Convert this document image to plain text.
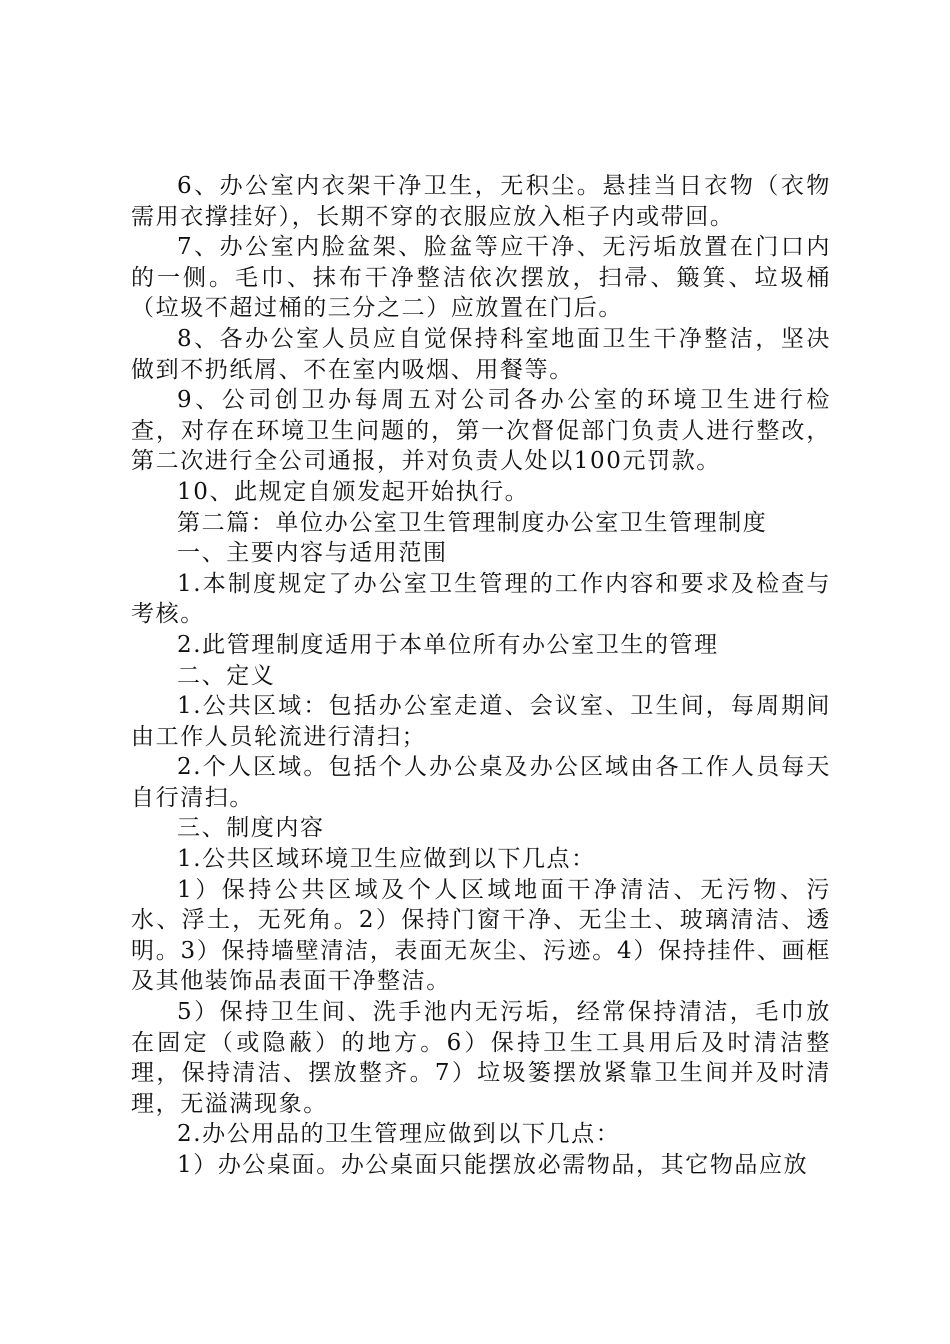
6、办公室内衣架干净卫生，无积尘。悬挂当日衣物（衣物需用衣撑挂好），长期不穿的衣服应放入柜子内或带回。

7、办公室内脸盆架、脸盆等应干净、无污垢放置在门口内的一侧。毛巾、抹布干净整洁依次摆放，扫帚、簸箕、垃圾桶（垃圾不超过桶的三分之二）应放置在门后。

8、各办公室人员应自觉保持科室地面卫生干净整洁，坚决做到不扔纸屑、不在室内吸烟、用餐等。

9、公司创卫办每周五对公司各办公室的环境卫生进行检查，对存在环境卫生问题的，第一次督促部门负责人进行整改，第二次进行全公司通报，并对负责人处以100元罚款。

10、此规定自颁发起开始执行。

第二篇：单位办公室卫生管理制度办公室卫生管理制度

一、主要内容与适用范围

1.本制度规定了办公室卫生管理的工作内容和要求及检查与考核。

2.此管理制度适用于本单位所有办公室卫生的管理

二、定义

1.公共区域：包括办公室走道、会议室、卫生间，每周期间由工作人员轮流进行清扫；

2.个人区域。包括个人办公桌及办公区域由各工作人员每天自行清扫。

三、制度内容

1.公共区域环境卫生应做到以下几点：

1）保持公共区域及个人区域地面干净清洁、无污物、污水、浮土，无死角。2）保持门窗干净、无尘土、玻璃清洁、透明。3）保持墙壁清洁，表面无灰尘、污迹。4）保持挂件、画框及其他装饰品表面干净整洁。

5）保持卫生间、洗手池内无污垢，经常保持清洁，毛巾放在固定（或隐蔽）的地方。6）保持卫生工具用后及时清洁整理，保持清洁、摆放整齐。7）垃圾篓摆放紧靠卫生间并及时清理，无溢满现象。

2.办公用品的卫生管理应做到以下几点：

1）办公桌面。办公桌面只能摆放必需物品，其它物品应放
